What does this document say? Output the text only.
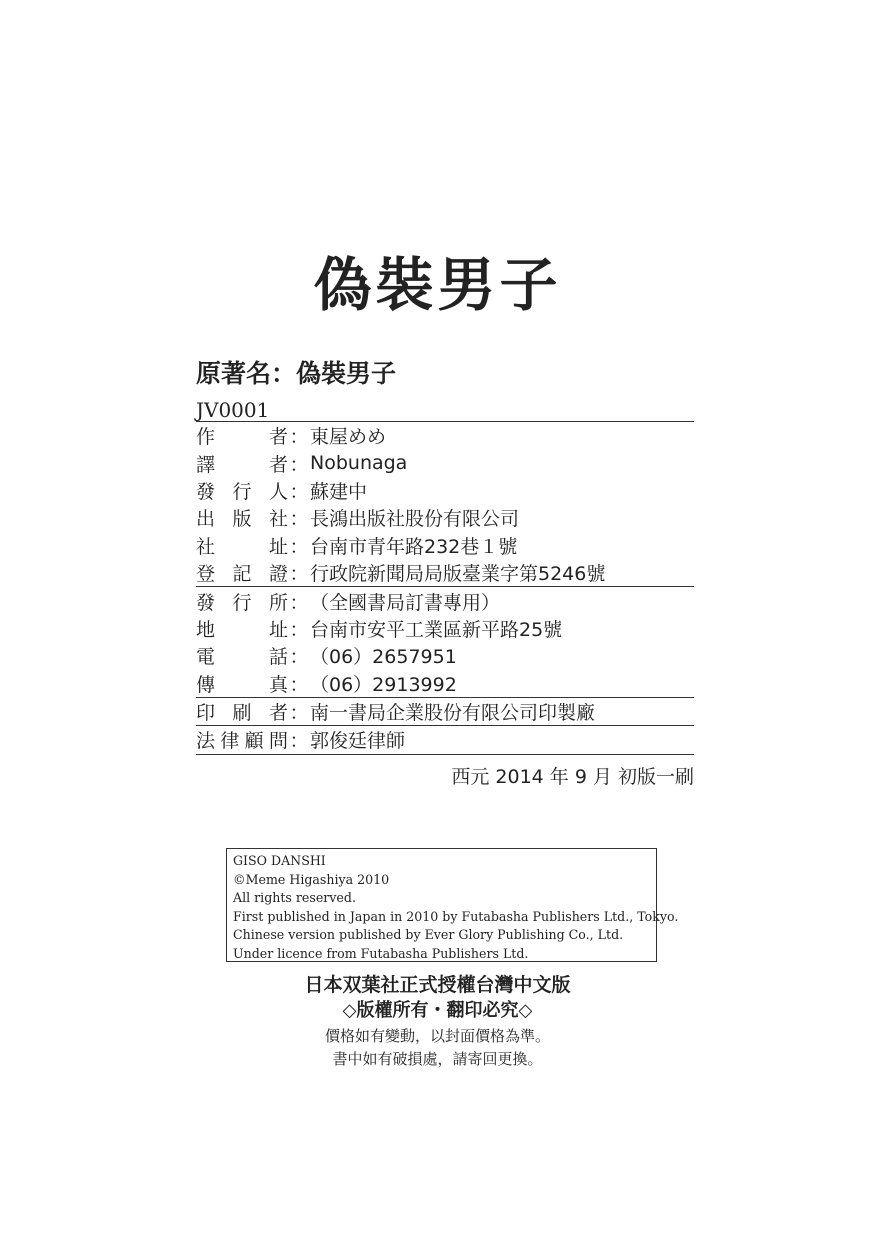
偽裝男子
原著名：偽裝男子
JV0001
作	者 ： 東屋めめ
譯	者 ： Nobunaga
發 行 人 ： 蘇建中
出 版 社 ： 長鴻出版社股份有限公司
社	址 ： 台南市青年路232巷１號
登 記 證 ： 行政院新聞局局版臺業字第5246號
發 行 所 ： （全國書局訂書專用）
地	址 ： 台南市安平工業區新平路25號
電	話 ： （06）2657951
傳	真 ： （06）2913992
印 刷 者 ： 南一書局企業股份有限公司印製廠
法 律 顧 問 ： 郭俊廷律師
西元 2014 年 9 月 初版一刷
GISO DANSHI
©Meme Higashiya 2010
All rights reserved.
First published in Japan in 2010 by Futabasha Publishers Ltd., Tokyo.
Chinese version published by Ever Glory Publishing Co., Ltd.
Under licence from Futabasha Publishers Ltd.
日本双葉社正式授權台灣中文版
◇版權所有・翻印必究◇
價格如有變動，以封面價格為準。
書中如有破損處，請寄回更換。
